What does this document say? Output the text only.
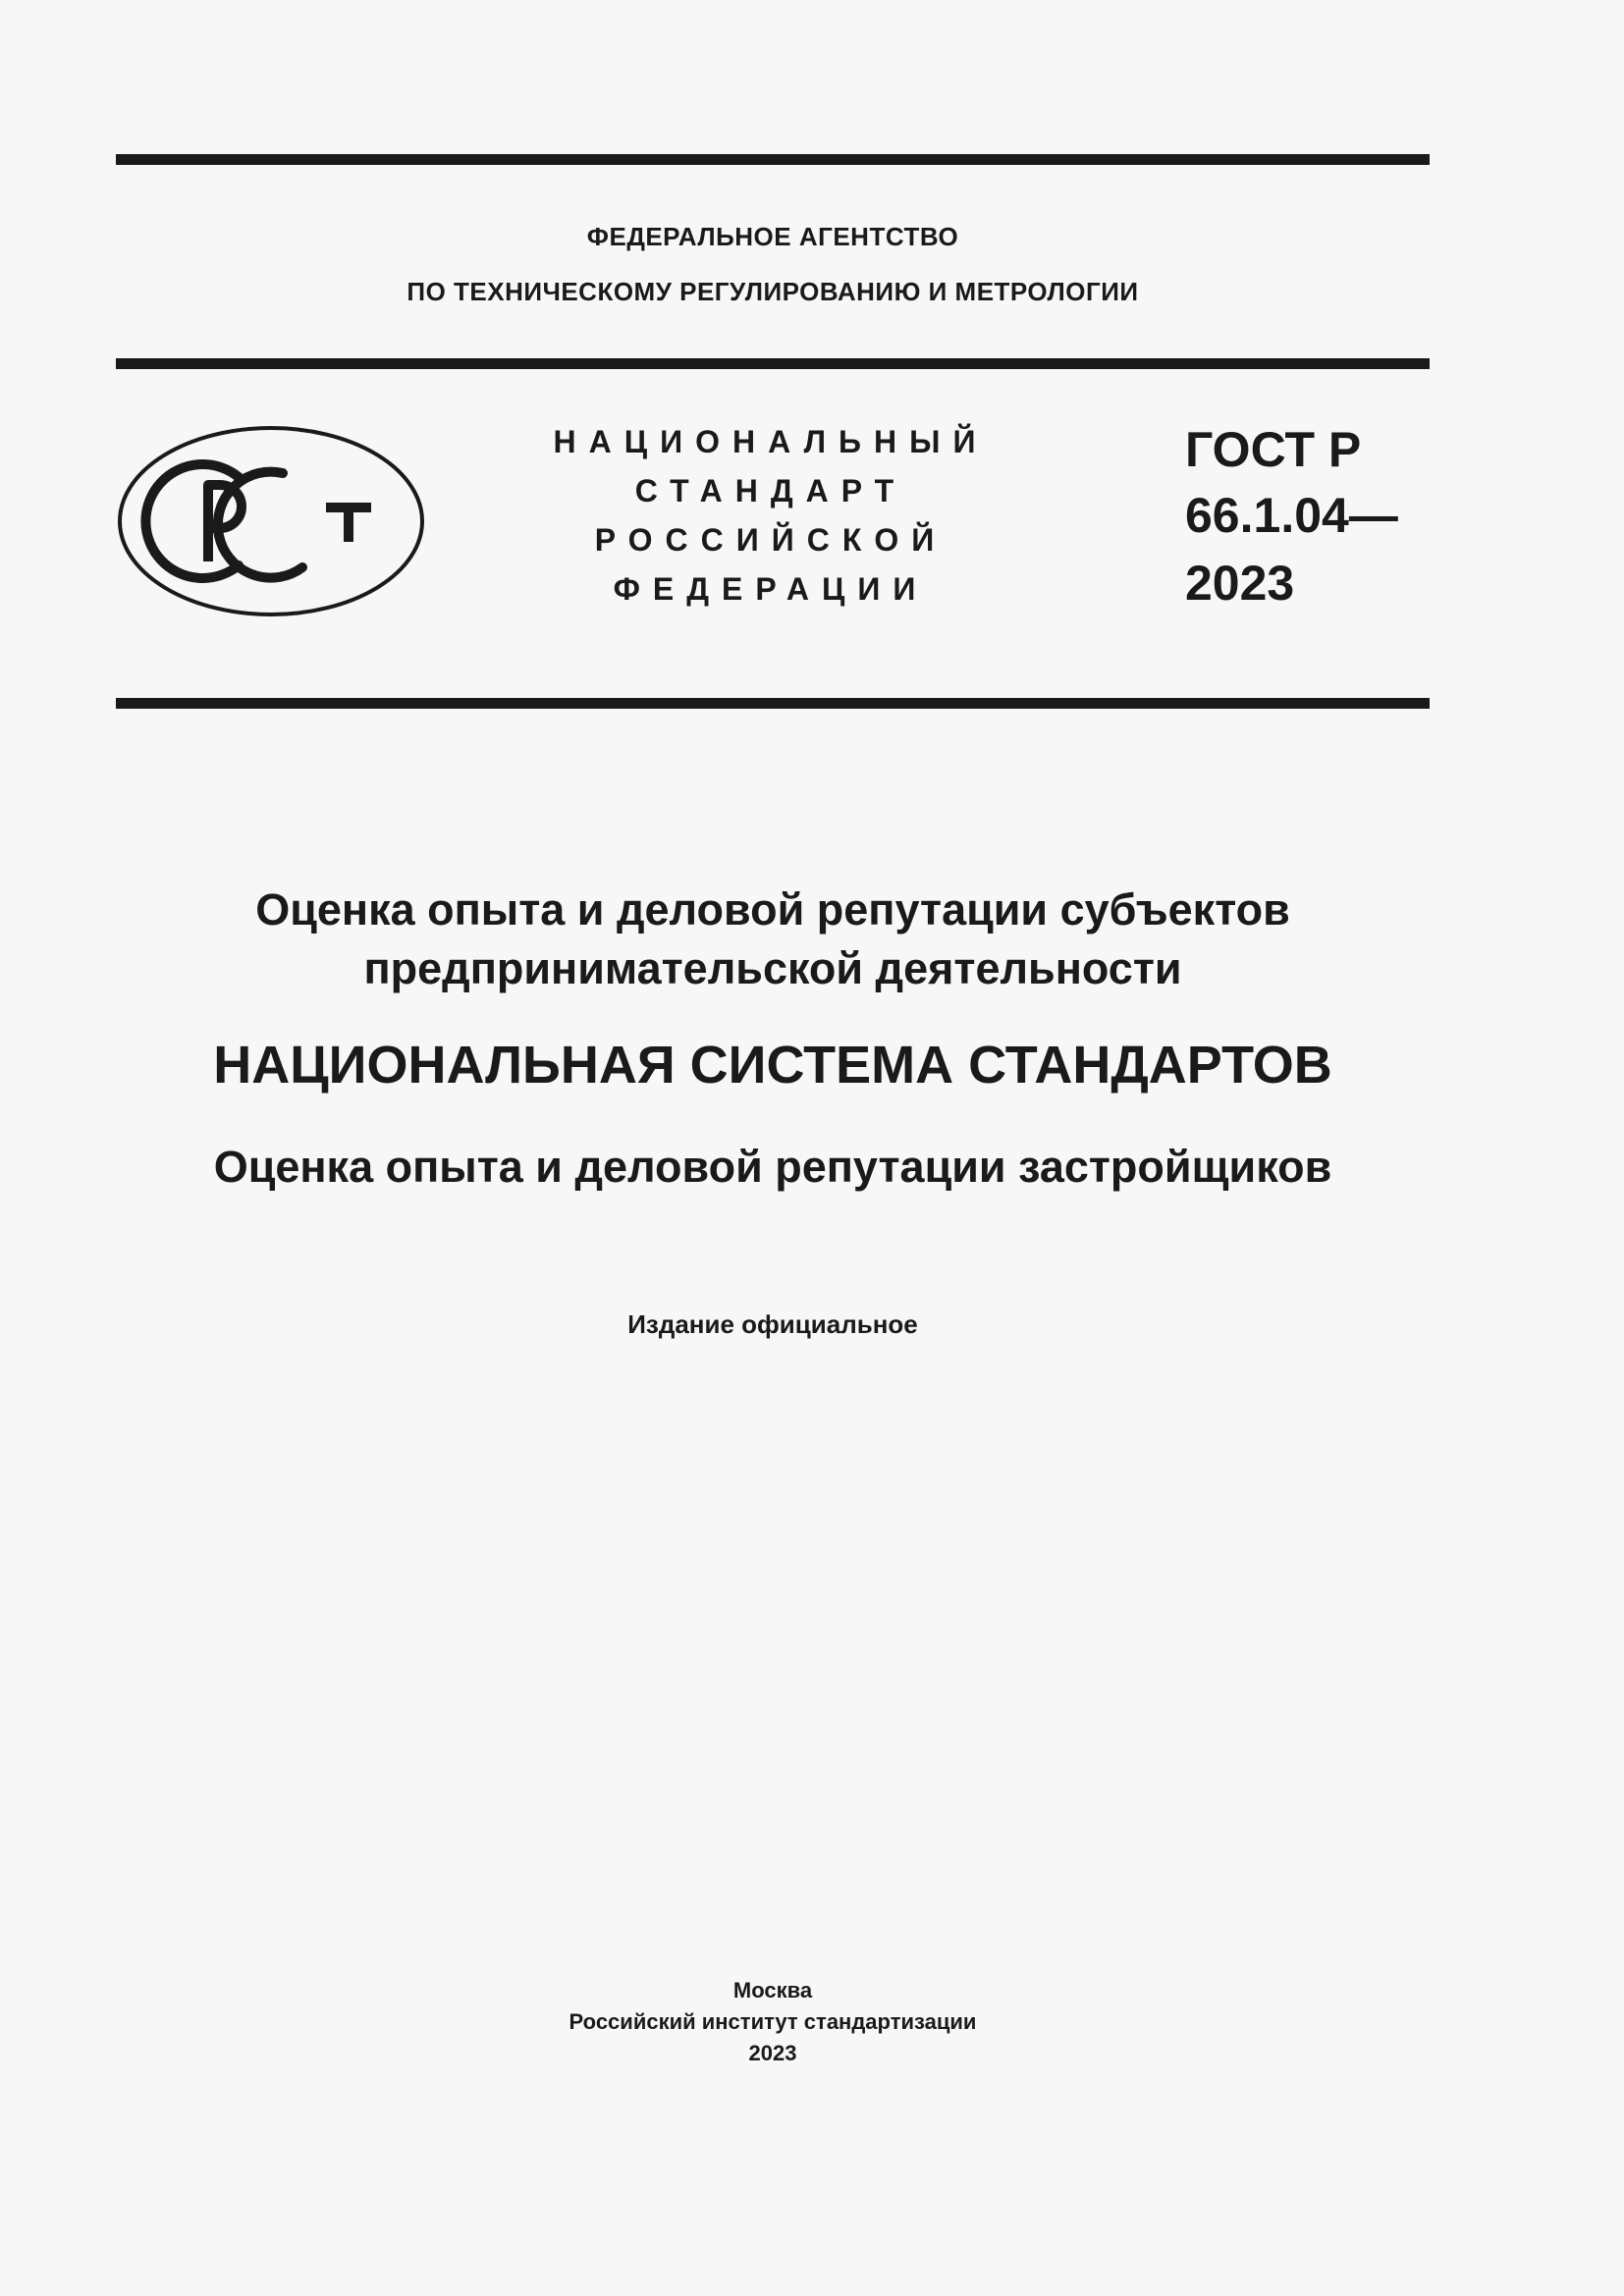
ФЕДЕРАЛЬНОЕ АГЕНТСТВО
ПО ТЕХНИЧЕСКОМУ РЕГУЛИРОВАНИЮ И МЕТРОЛОГИИ
НАЦИОНАЛЬНЫЙ
СТАНДАРТ
РОССИЙСКОЙ
ФЕДЕРАЦИИ
ГОСТ Р
66.1.04—
2023
Оценка опыта и деловой репутации субъектов
предпринимательской деятельности
НАЦИОНАЛЬНАЯ СИСТЕМА СТАНДАРТОВ
Оценка опыта и деловой репутации застройщиков
Издание официальное
Москва
Российский институт стандартизации
2023
